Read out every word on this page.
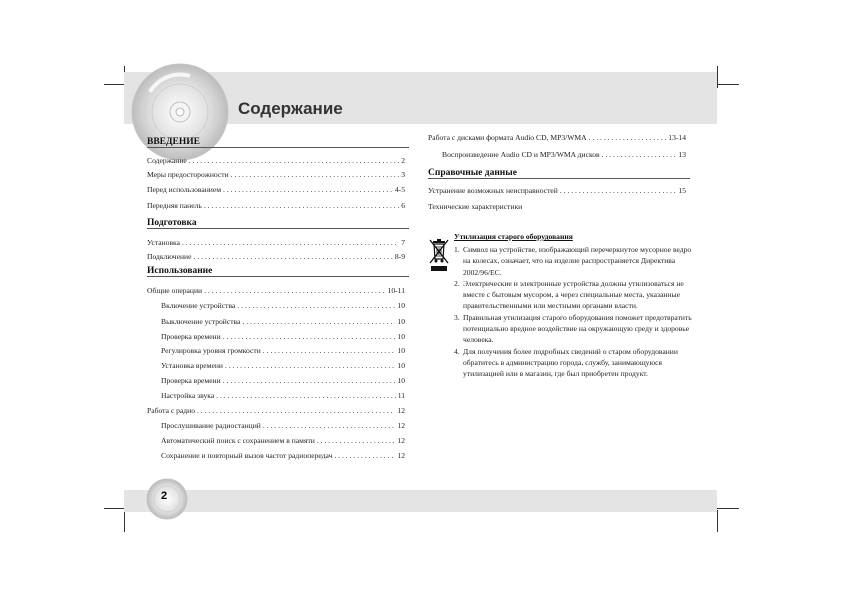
Содержание
ВВЕДЕНИЕ
Содержание . . .	2
Меры предосторожности . . .	3
Перед использованием . . .	4-5
Передняя панель . . .	6
Подготовка
Установка . . .	7
Подключение . . .	8-9
Использование
Общие операции . . .	10-11
Включение устройства . . .	10
Выключение устройства . . .	10
Проверка времени . . .	10
Регулировка уровня громкости . . .	10
Установка времени . . .	10
Проверка времени . . .	10
Настройка звука . . .	11
Работа с радио . . .	12
Прослушивание радиостанций . . .	12
Автоматический поиск с сохранением в памяти . . .	12
Сохранение и повторный вызов частот радиопередач . . .	12
Работа с дисками формата Audio CD, MP3/WMA . . .	13-14
Воспроизведение Audio CD и MP3/WMA дисков . . .	13
Справочные данные
Устранение возможных неисправностей . . .	15
Технические характеристики
Утилизация старого оборудования
1. Символ на устройстве, изображающий перечеркнутое мусорное ведро на колесах, означает, что на изделие распространяется Директива 2002/96/EC.
2. Электрические и электронные устройства должны утилизоваться не вместе с бытовым мусором, а через специальные места, указанные правительственными или местными органами власти.
3. Правильная утилизация старого оборудования поможет предотвратить потенциально вредное воздействие на окружающую среду и здоровье человека.
4. Для получения более подробных сведений о старом оборудовании обратитесь в администрацию города, службу, занимающуюся утилизацией или в магазин, где был приобретен продукт.
2
